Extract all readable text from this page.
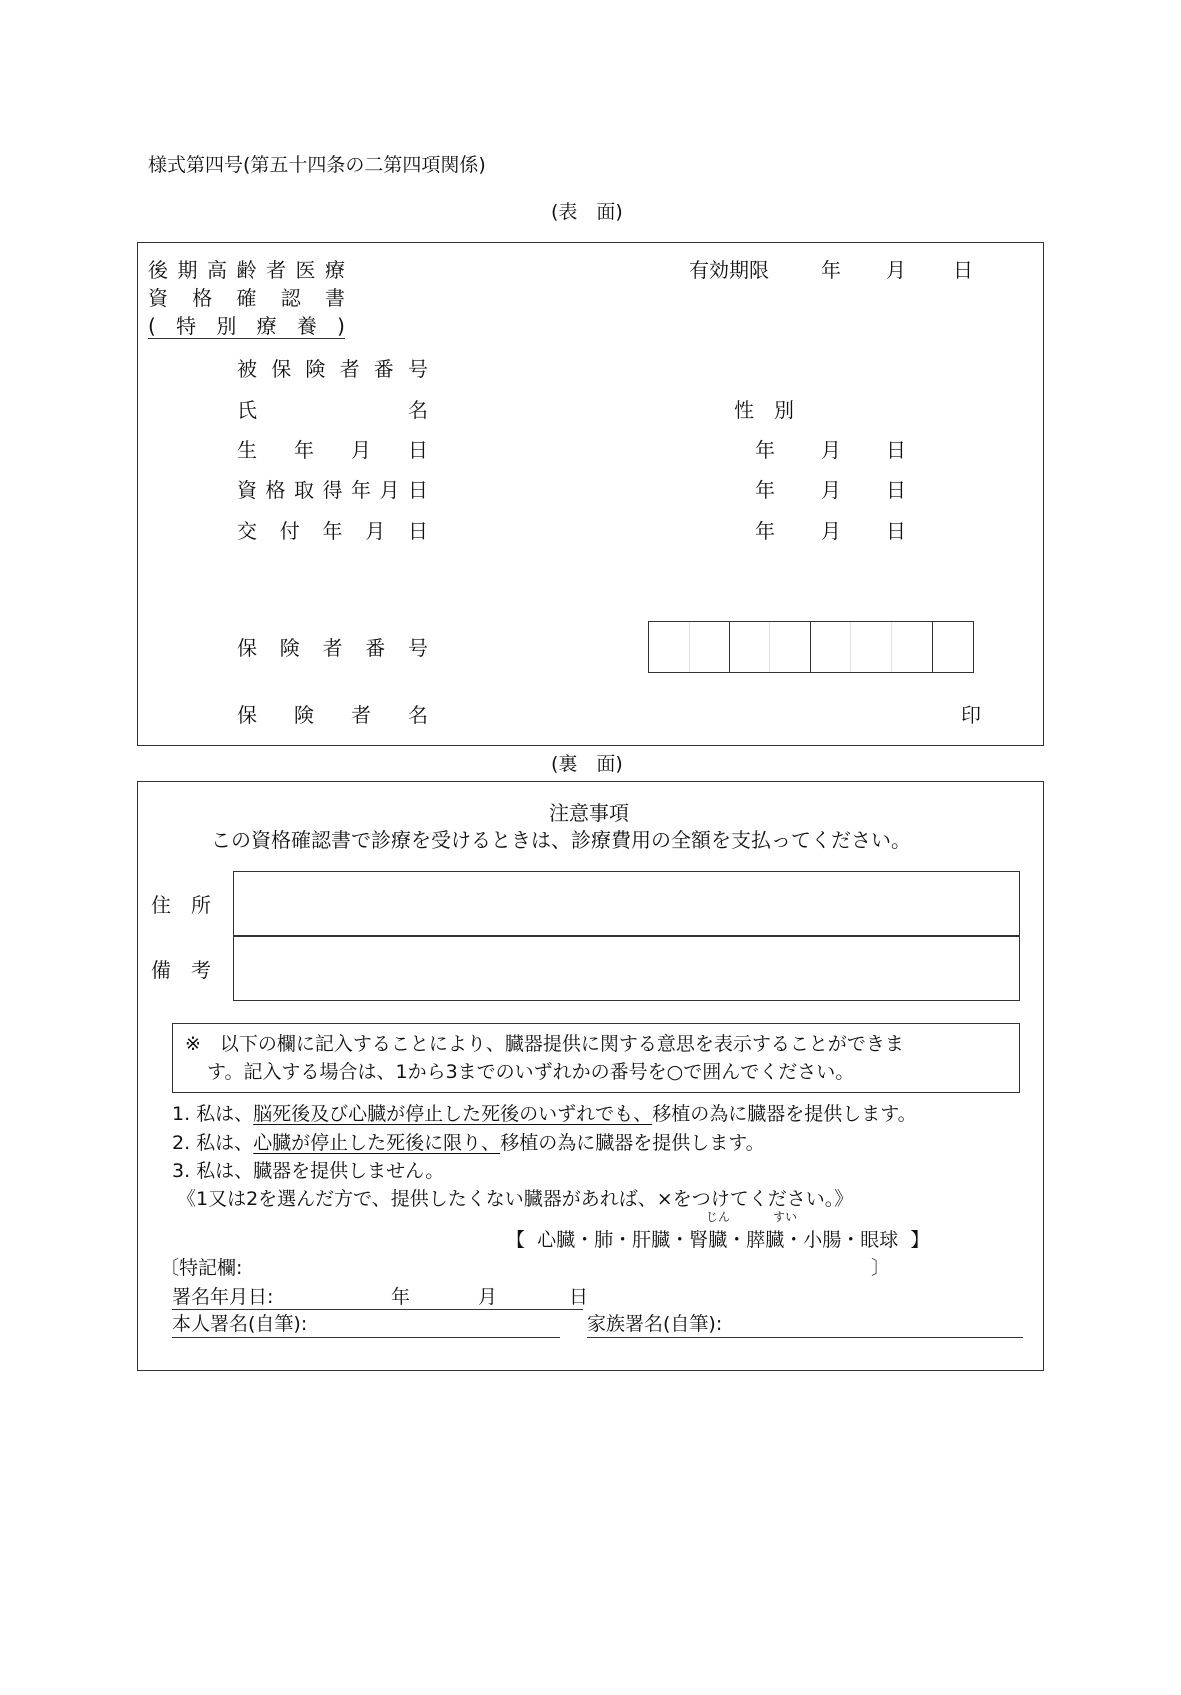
様式第四号(第五十四条の二第四項関係)
(表　面)
後 期 高 齢 者 医 療
資 格 確 認 書
( 特 別 療 養 )
有効期限	年 月 日
被 保 険 者 番 号
氏	名	性　別
生 年 月 日	年 月 日
資 格 取 得 年 月 日	年 月 日
交 付 年 月 日	年 月 日
保 険 者 番 号
保 険 者 名	印
(裏　面)
注意事項
この資格確認書で診療を受けるときは、診療費用の全額を支払ってください。
住　所
備　考
※　以下の欄に記入することにより、臓器提供に関する意思を表示することができま
す。記入する場合は、1から3までのいずれかの番号を○で囲んでください。
1. 私は、脳死後及び心臓が停止した死後のいずれでも、移植の為に臓器を提供します。
2. 私は、心臓が停止した死後に限り、移植の為に臓器を提供します。
3. 私は、臓器を提供しません。
《1又は2を選んだ方で、提供したくない臓器があれば、×をつけてください。》
じん	すい
【 心臓・肺・肝臓・腎臓・膵臓・小腸・眼球 】
〔特記欄:	〕
署名年月日:	年	月	日
本人署名(自筆):	家族署名(自筆):
